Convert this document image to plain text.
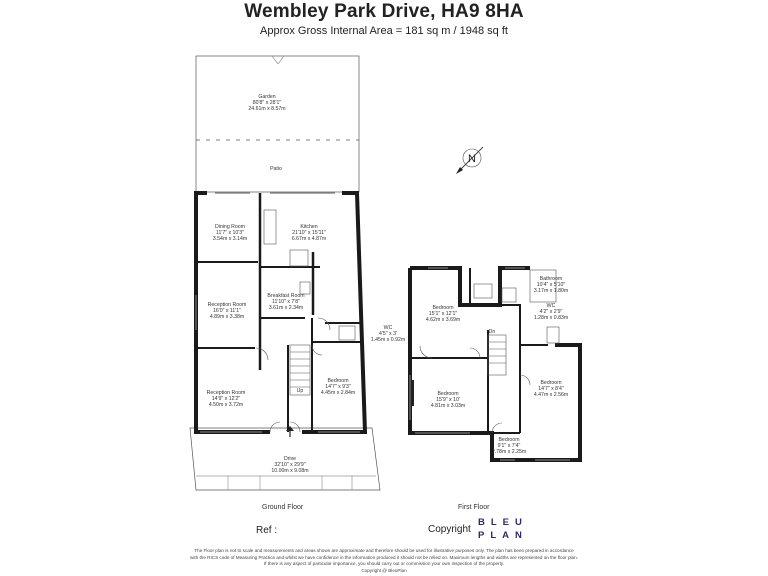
Wembley Park Drive, HA9 8HA
Approx Gross Internal Area = 181 sq m / 1948 sq ft
N
Garden
80'8" x 28'1"
24.61m x 8.57m
Patio
Dining Room
11'7" x 10'3"
3.54m x 3.14m
Kitchen
21'10" x 15'11"
6.67m x 4.87m
Breakfast Room
11'10" x 7'8"
3.61m x 2.34m
Reception Room
16'0" x 11'1"
4.89m x 3.38m
Reception Room
14'9" x 12'2"
4.50m x 3.72m
Bedroom
14'7" x 9'3"
4.45m x 2.84m
WC
4'5" x 3'
1.45m x 0.92m
Drive
32'10" x 29'9"
10.00m x 9.08m
Up
Bedroom
15'1" x 12'1"
4.62m x 3.69m
Bathroom
10'4" x 5'10"
3.17m x 1.80m
WC
4'2" x 2'9"
1.28m x 0.83m
Bedroom
15'9" x 10'
4.81m x 3.03m
Bedroom
14'7" x 8'4"
4.47m x 2.56m
Bedroom
9'1" x 7'4"
2.78m x 2.25m
Dn
Ground Floor	First Floor
Ref :	Copyright
BLEU
PLAN
The Floor plan is not to scale and measurements and areas shown are approximate and therefore should be used for illustrative purposes only. The plan has been prepared in accordance
with the RICS code of Measuring Practice and whilst we have confidence in the information produced it should not be relied on. Maximum lengths and widths are represented on the floor plan.
If there is any aspect of particular importance, you should carry out or commission your own inspection of the property.
Copyright @ BleuPlan
